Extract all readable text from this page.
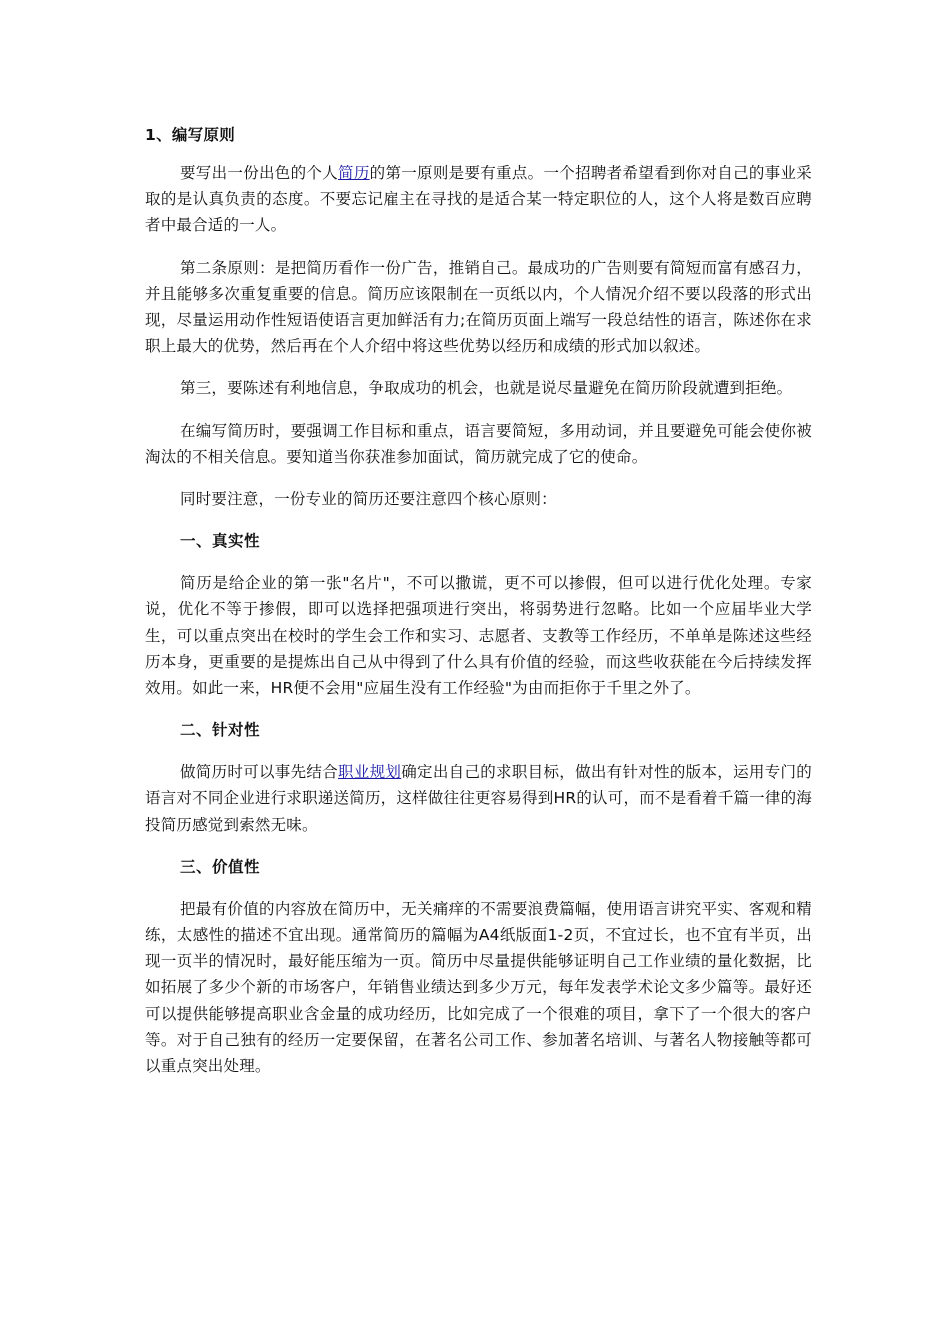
1、编写原则

要写出一份出色的个人简历的第一原则是要有重点。一个招聘者希望看到你对自己的事业采取的是认真负责的态度。不要忘记雇主在寻找的是适合某一特定职位的人，这个人将是数百应聘者中最合适的一人。

第二条原则：是把简历看作一份广告，推销自己。最成功的广告则要有简短而富有感召力，并且能够多次重复重要的信息。简历应该限制在一页纸以内，个人情况介绍不要以段落的形式出现，尽量运用动作性短语使语言更加鲜活有力;在简历页面上端写一段总结性的语言，陈述你在求职上最大的优势，然后再在个人介绍中将这些优势以经历和成绩的形式加以叙述。

第三，要陈述有利地信息，争取成功的机会，也就是说尽量避免在简历阶段就遭到拒绝。

在编写简历时，要强调工作目标和重点，语言要简短，多用动词，并且要避免可能会使你被淘汰的不相关信息。要知道当你获准参加面试，简历就完成了它的使命。

同时要注意，一份专业的简历还要注意四个核心原则：

一、真实性

简历是给企业的第一张"名片"，不可以撒谎，更不可以掺假，但可以进行优化处理。专家说，优化不等于掺假，即可以选择把强项进行突出，将弱势进行忽略。比如一个应届毕业大学生，可以重点突出在校时的学生会工作和实习、志愿者、支教等工作经历，不单单是陈述这些经历本身，更重要的是提炼出自己从中得到了什么具有价值的经验，而这些收获能在今后持续发挥效用。如此一来，HR便不会用"应届生没有工作经验"为由而拒你于千里之外了。

二、针对性

做简历时可以事先结合职业规划确定出自己的求职目标，做出有针对性的版本，运用专门的语言对不同企业进行求职递送简历，这样做往往更容易得到HR的认可，而不是看着千篇一律的海投简历感觉到索然无味。

三、价值性

把最有价值的内容放在简历中，无关痛痒的不需要浪费篇幅，使用语言讲究平实、客观和精练，太感性的描述不宜出现。通常简历的篇幅为A4纸版面1-2页，不宜过长，也不宜有半页，出现一页半的情况时，最好能压缩为一页。简历中尽量提供能够证明自己工作业绩的量化数据，比如拓展了多少个新的市场客户，年销售业绩达到多少万元，每年发表学术论文多少篇等。最好还可以提供能够提高职业含金量的成功经历，比如完成了一个很难的项目，拿下了一个很大的客户等。对于自己独有的经历一定要保留，在著名公司工作、参加著名培训、与著名人物接触等都可以重点突出处理。
